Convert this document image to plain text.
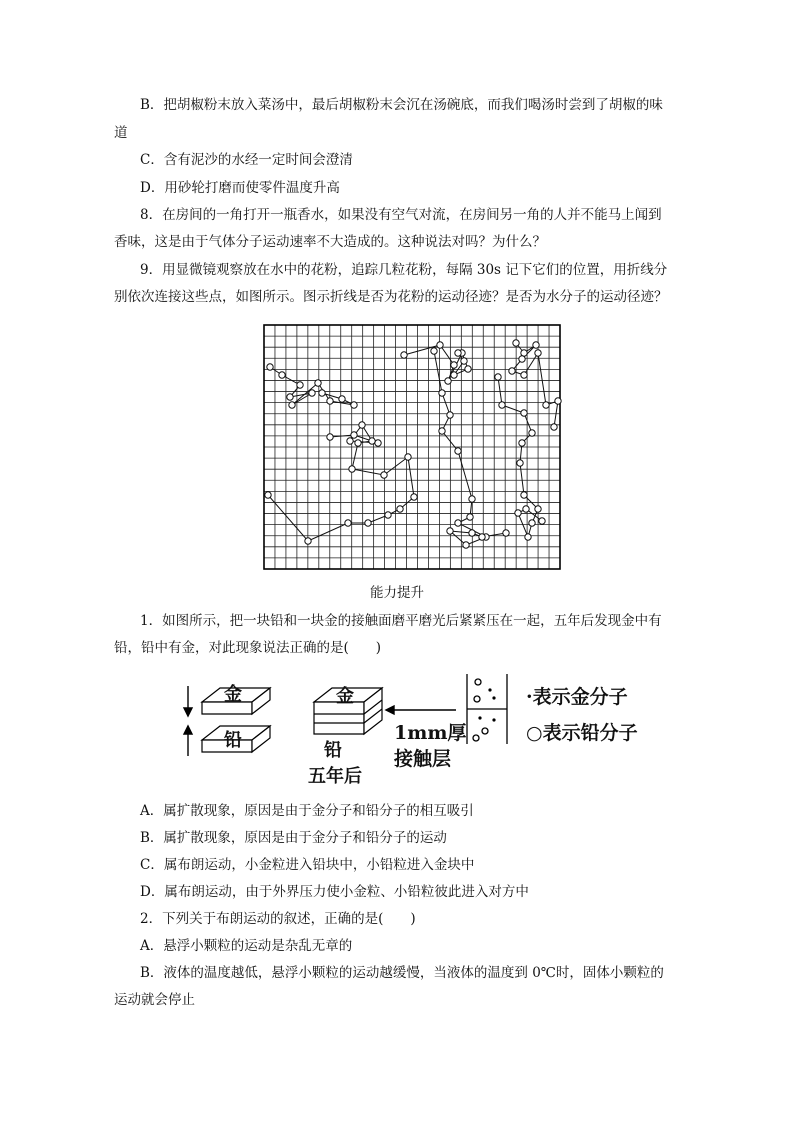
B．把胡椒粉末放入菜汤中，最后胡椒粉末会沉在汤碗底，而我们喝汤时尝到了胡椒的味
道
C．含有泥沙的水经一定时间会澄清
D．用砂轮打磨而使零件温度升高
8．在房间的一角打开一瓶香水，如果没有空气对流，在房间另一角的人并不能马上闻到
香味，这是由于气体分子运动速率不大造成的。这种说法对吗？为什么？
9．用显微镜观察放在水中的花粉，追踪几粒花粉，每隔 30s 记下它们的位置，用折线分
别依次连接这些点，如图所示。图示折线是否为花粉的运动径迹？是否为水分子的运动径迹？
能力提升
1．如图所示，把一块铅和一块金的接触面磨平磨光后紧紧压在一起，五年后发现金中有
铅，铅中有金，对此现象说法正确的是(　　)
金
铅
金
铅
五年后
1mm厚
接触层
·表示金分子
○表示铅分子
A．属扩散现象，原因是由于金分子和铅分子的相互吸引
B．属扩散现象，原因是由于金分子和铅分子的运动
C．属布朗运动，小金粒进入铅块中，小铅粒进入金块中
D．属布朗运动，由于外界压力使小金粒、小铅粒彼此进入对方中
2．下列关于布朗运动的叙述，正确的是(　　)
A．悬浮小颗粒的运动是杂乱无章的
B．液体的温度越低，悬浮小颗粒的运动越缓慢，当液体的温度到 0℃时，固体小颗粒的
运动就会停止
